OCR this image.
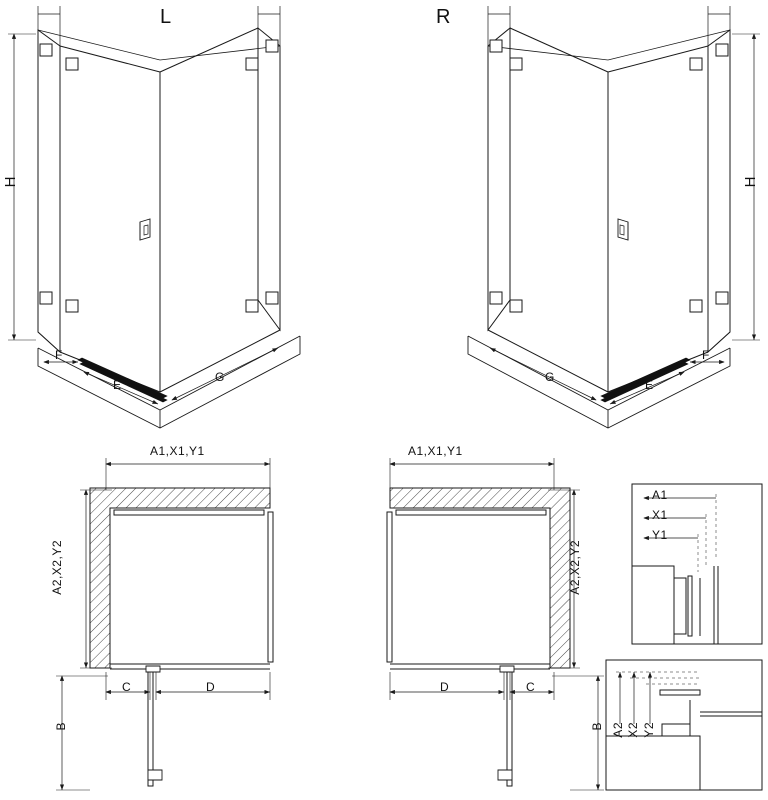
L	R
H	H
F
E
G
F
E
G
A1,X1,Y1	A1,X1,Y1
A2,X2,Y2	A2,X2,Y2
C	D	C
D
B	B
A1
X1
Y1
A2 X2 Y2
